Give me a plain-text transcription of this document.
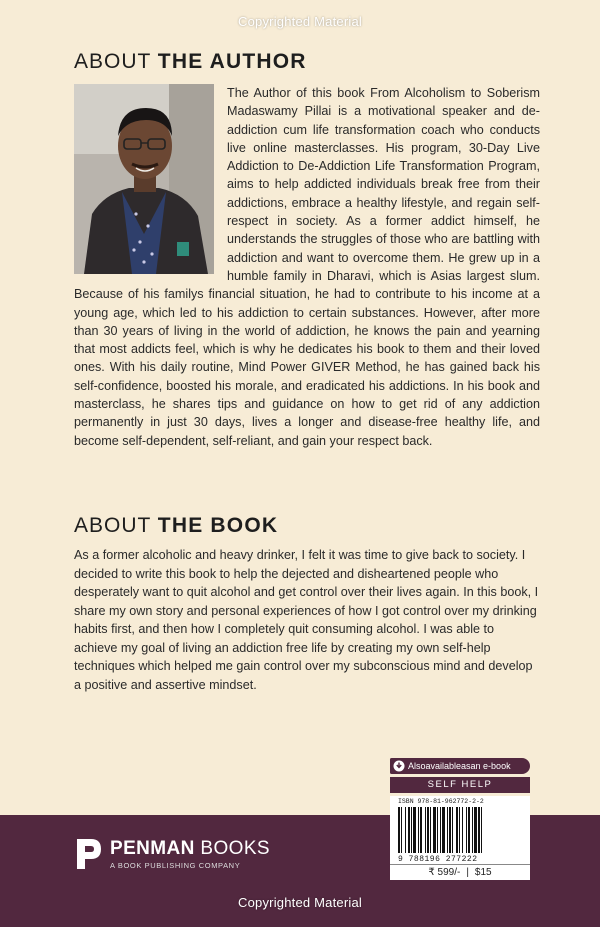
Copyrighted Material
ABOUT THE AUTHOR
The Author of this book From Alcoholism to Soberism Madaswamy Pillai is a motivational speaker and de-addiction cum life transformation coach who conducts live online masterclasses. His program, 30-Day Live Addiction to De-Addiction Life Transformation Program, aims to help addicted individuals break free from their addictions, embrace a healthy lifestyle, and regain self-respect in society. As a former addict himself, he understands the struggles of those who are battling with addiction and want to overcome them. He grew up in a humble family in Dharavi, which is Asias largest slum. Because of his familys financial situation, he had to contribute to his income at a young age, which led to his addiction to certain substances. However, after more than 30 years of living in the world of addiction, he knows the pain and yearning that most addicts feel, which is why he dedicates his book to them and their loved ones. With his daily routine, Mind Power GIVER Method, he has gained back his self-confidence, boosted his morale, and eradicated his addictions. In his book and masterclass, he shares tips and guidance on how to get rid of any addiction permanently in just 30 days, lives a longer and disease-free healthy life, and become self-dependent, self-reliant, and gain your respect back.
ABOUT THE BOOK
As a former alcoholic and heavy drinker, I felt it was time to give back to society. I decided to write this book to help the dejected and disheartened people who desperately want to quit alcohol and get control over their lives again. In this book, I share my own story and personal experiences of how I got control over my drinking habits first, and then how I completely quit consuming alcohol. I was able to achieve my goal of living an addiction free life by creating my own self-help techniques which helped me gain control over my subconscious mind and develop a positive and assertive mindset.
PENMAN BOOKS
A BOOK PUBLISHING COMPANY
Alsoavailableasan e-book
SELF HELP
ISBN 978-81-962772-2-2
9 788196 277222
₹ 599/- | $15
Copyrighted Material
